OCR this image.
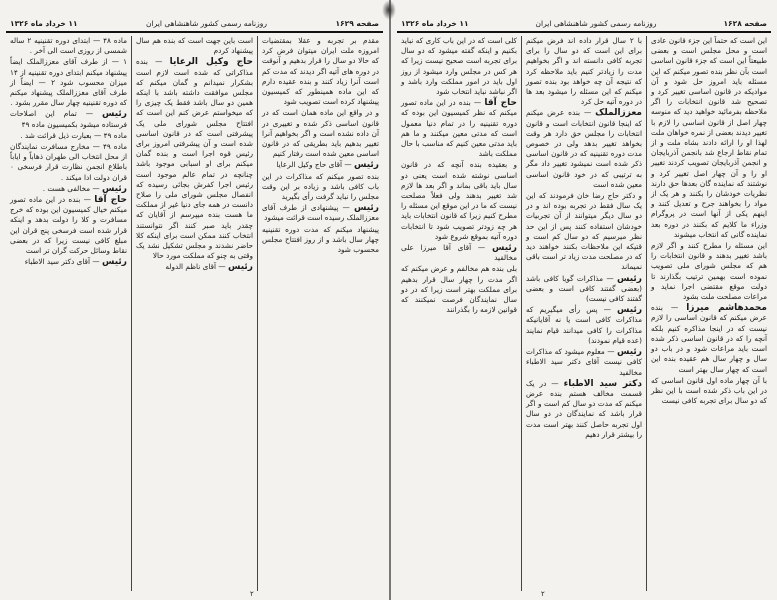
صفحه ۱۶۲۸
روزنامه رسمی کشور شاهنشاهی ایران
۱۱ خرداد ماه ۱۳۲۶

این است که حتماً این جزء قانون عادی است و محل مجلس است و بعضی طبیعتاً این است که جزء قانون اساسی است بآن نظر بنده تصور میکنم که این مسئله باید امروز حل شود و آن موادیکه در قانون اساسی تغییر کرد و تصحیح شد قانون انتخابات را اگر ملاحظه بفرمائید خواهید دید که منوسه چهار اصل از قانون اساسی را لازم با تغییر دیدند بعضی از نمره خواهان ملت لهذا او را ارائه دادند بشاه ملت و از تمام نقاط ارجاع شد بانجمن آذربایجان و انجمن آذربایجان تصویب کردند تغییر او را و آن چهار اصل تغییر کرد و نوشتند که نماینده گان بعدها حق دارند نظریات خودشان را بکنند و هر یک از مواد را بخواهند جرح و تعدیل کنند و اینهم یکی از آنها است در پروگرام وزراء ما کلایم که بکنند در دوره بعد نماینده گانی که انتخاب میشوند

این مسئله را مطرح کنند و اگر لازم باشد تغییر بدهند و قانون انتخابات را هم که مجلس شورای ملی تصویب نموده است بهمین ترتیب بگذارند تا دولت موقع مقتضی اجرا نماید و مراعات مصلحت ملت بشود

محمدهاشم میرزا — بنده عرض میکنم که قانون اساسی را لازم نیست که در اینجا مذاکره کنیم بلکه آنچه را که در قانون اساسی ذکر شده است باید مراعات شود و در باب دو سال و چهار سال هم عقیده بنده این است که چهار سال بهتر است

با آن چهار ماده اول قانون اساسی که در این باب ذکر شده است با این نظر که دو سال برای تجربه کافی نیست

با ۲ سال قرار داده اند فرض میکنم برای این است که دو سال را برای تجربه کافی دانسته اند و اگر بخواهیم مدت را زیادتر کنیم باید ملاحظه کرد که نتیجه آن چه خواهد بود بنده تصور میکنم که این مسئله را میشود بعد ها در دوره آتیه حل کرد

معززالملک — بنده عرض میکنم که اینجا قانون انتخابات است و قانون انتخابات را مجلس حق دارد هر وقت بخواهد تغییر بدهد ولی در خصوص مدت دوره تقنینیه که در قانون اساسی ذکر شده است نمیشود تغییر داد مگر به ترتیبی که در خود قانون اساسی معین شده است

و دکتر حاج رضا خان فرمودند که این یک سال فقط در تجربه بوده اند و در دو سال دیگر میتوانند از آن تجربیات خودشان استفاده کنند پس از این حد نظر میرسیم که دو سال کم است و قتیکه این ملاحظات بکنند خواهند دید که در مصلحت مدت زیاد تر است باقی نمیماند

رئیس — مذاکرات گویا کافی باشد (بعضی گفتند کافی است و بعضی گفتند کافی نیست)

رئیس — پس رأی میگیریم که مذاکرات کافی است یا نه آقایانیکه مذاکرات را کافی میدانند قیام نمایند (عده قیام نمودند)

رئیس — معلوم میشود که مذاکرات کافی نیست آقای دکتر سید الاطباء مخالفید

دکتر سید الاطباء — در یک قسمت مخالف هستم بنده عرض میکنم که مدت دو سال کم است و اگر قرار باشد که نمایندگان در دو سال اول تجربه حاصل کنند بهتر است مدت را بیشتر قرار دهیم

کلی است که در این باب کاری که نباید بکنیم و اینکه گفته میشود که دو سال برای تجربه است صحیح نیست زیرا که هر کس در مجلس وارد میشود از روز اول باید در امور مملکت وارد باشد و اگر نباشد نباید انتخاب شود

حاج آقا — بنده در این ماده تصور میکنم که نظر کمیسیون این بوده که دوره تقنینیه را در تمام دنیا معمول است که مدتی معین میکنند و ما هم باید مدتی معین کنیم که مناسب با حال مملکت باشد

و بعقیده بنده آنچه که در قانون اساسی نوشته شده است یعنی دو سال باید باقی بماند و اگر بعد ها لازم شد تغییر بدهند ولی فعلاً مصلحت نیست که ما در این موقع این مسئله را مطرح کنیم زیرا که قانون انتخابات باید هر چه زودتر تصویب شود تا انتخابات دوره آتیه بموقع شروع شود

رئیس — آقای آقا میرزا علی مخالفید

بلی بنده هم مخالفم و عرض میکنم که اگر مدت را چهار سال قرار بدهیم برای مملکت بهتر است زیرا که در دو سال نمایندگان فرصت نمیکنند که قوانین لازمه را بگذرانند

۲
صفحه ۱۶۲۹
روزنامه رسمی کشور شاهنشاهی ایران
۱۱ خرداد ماه ۱۳۲۶

مقدم بر تجربه و عقلا بمقتضیات امروزه ملت ایران میتوان فرض کرد که حالا دو سال را قرار بدهیم و آنوقت در دوره های آتیه اگر دیدند که مدت کم است آنرا زیاد کنند و بنده عقیده دارم که این ماده همینطور که کمیسیون پیشنهاد کرده است تصویب شود

و در واقع این ماده همان است که در قانون اساسی ذکر شده و تغییری در آن داده نشده است و اگر بخواهیم آنرا تغییر بدهیم باید بطریقی که در قانون اساسی معین شده است رفتار کنیم

رئیس — آقای حاج وکیل الرعایا

بنده تصور میکنم که مذاکرات در این باب کافی باشد و زیاده بر این وقت مجلس را نباید گرفت رأی بگیرید

رئیس — پیشنهادی از طرف آقای معززالملک رسیده است قرائت میشود

پیشنهاد میکنم که مدت دوره تقنینیه چهار سال باشد و از روز افتتاح مجلس محسوب شود

است باین جهت است که بنده هم سال پیشنهاد کردم

حاج وکیل الرعایا — بنده مذاکراتی که شده است لازم است بشکرار نمیدانم و گمان میکنم که مجلس موافقت داشته باشد با اینکه همین دو سال باشد فقط یک چیزی را که میخواستم عرض کنم این است که افتتاح مجلس شورای ملی یک پیشرفتی است که در قانون اساسی شده است و آن پیشرفتی امروز برای رئیس قوه اجرا است و بنده گمان میکنم برای او اسبابی موجود باشد چنانچه در تمام عالم موجود است رئیس اجرا کفرش بجائی رسیده که انفصال مجلس شورای ملی را صلاح دانست در همه جای دنیا غیر از مملکت ما هست بنده میپرسم از آقایان که چقدر باید صبر کنند اگر نتوانستند انتخاب کنند ممکن است برای اینکه کلا حاضر نشدند و مجلس تشکیل نشد یک وقتی به چنو که مملکت مورد حالا

رئیس — آقای ناظم الدوله

ماده ۴۸ — ابتدای دوره تقنینیه ۲ ساله شمسی از روزی است الی آخر .

۱ — از طرف آقای معززالملک ایضاً پیشنهاد میکنم ابتدای دوره تقنینیه از ۱۴ میزان محسوب شود ۲ — ایضاً از طرف آقای معززالملک پیشنهاد میکنم که دوره تقنینیه چهار سال مقرر بشود .

رئیس — تمام این اصلاحات فرستاده میشود بکمیسیون ماده ۴۹

ماده ۴۹ — بعبارت ذیل قرائت شد .

ماده ۴۹ — مخارج مسافرت نمایندگان از محل انتخاب الی طهران ذهاباً و ایاباً باطلاع انجمن نظارت قرار فرسخی ۰ قران دولت ادا میکند .

رئیس — مخالفی هست .

حاج آقا — بنده در این ماده تصور میکنم خیال کمیسیون این بوده که خرج مسافرت و کلا را دولت بدهد و اینکه قرار شده است فرسخی پنج قران این مبلغ کافی نیست زیرا که در بعضی نقاط وسائل حرکت گران تر است

رئیس — آقای دکتر سید الاطباء

۲
